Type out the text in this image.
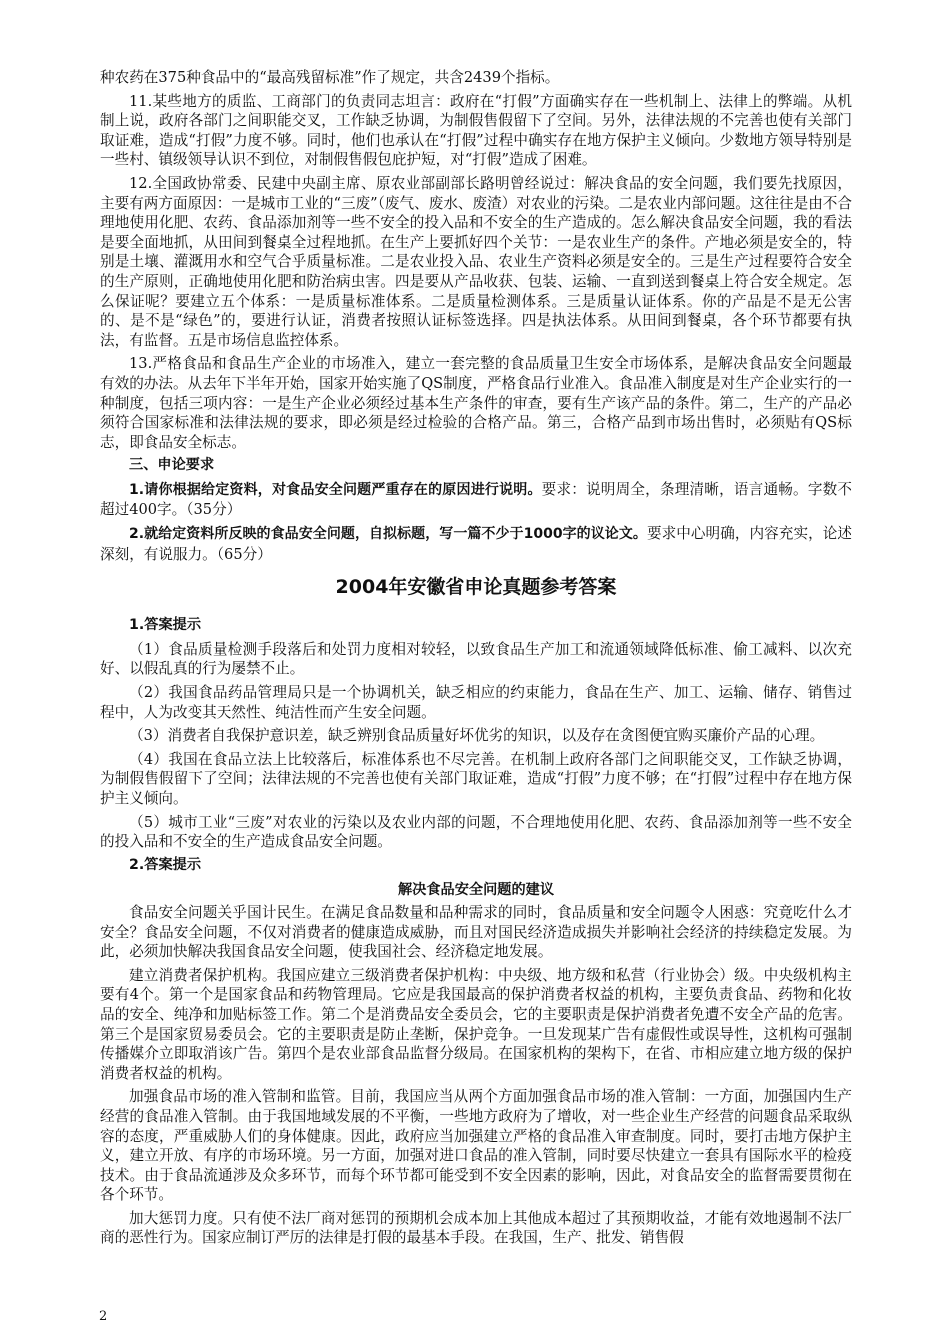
种农药在375种食品中的“最高残留标准”作了规定，共含2439个指标。

11.某些地方的质监、工商部门的负责同志坦言：政府在“打假”方面确实存在一些机制上、法律上的弊端。从机制上说，政府各部门之间职能交叉，工作缺乏协调，为制假售假留下了空间。另外，法律法规的不完善也使有关部门取证难，造成“打假”力度不够。同时，他们也承认在“打假”过程中确实存在地方保护主义倾向。少数地方领导特别是一些村、镇级领导认识不到位，对制假售假包庇护短，对“打假”造成了困难。

12.全国政协常委、民建中央副主席、原农业部副部长路明曾经说过：解决食品的安全问题，我们要先找原因，主要有两方面原因：一是城市工业的“三废”（废气、废水、废渣）对农业的污染。二是农业内部问题。这往往是由不合理地使用化肥、农药、食品添加剂等一些不安全的投入品和不安全的生产造成的。怎么解决食品安全问题，我的看法是要全面地抓，从田间到餐桌全过程地抓。在生产上要抓好四个关节：一是农业生产的条件。产地必须是安全的，特别是土壤、灌溉用水和空气合乎质量标准。二是农业投入品、农业生产资料必须是安全的。三是生产过程要符合安全的生产原则，正确地使用化肥和防治病虫害。四是要从产品收获、包装、运输、一直到送到餐桌上符合安全规定。怎么保证呢？要建立五个体系：一是质量标准体系。二是质量检测体系。三是质量认证体系。你的产品是不是无公害的、是不是“绿色”的，要进行认证，消费者按照认证标签选择。四是执法体系。从田间到餐桌，各个环节都要有执法，有监督。五是市场信息监控体系。

13.严格食品和食品生产企业的市场准入，建立一套完整的食品质量卫生安全市场体系，是解决食品安全问题最有效的办法。从去年下半年开始，国家开始实施了QS制度，严格食品行业准入。食品准入制度是对生产企业实行的一种制度，包括三项内容：一是生产企业必须经过基本生产条件的审查，要有生产该产品的条件。第二，生产的产品必须符合国家标准和法律法规的要求，即必须是经过检验的合格产品。第三，合格产品到市场出售时，必须贴有QS标志，即食品安全标志。

三、申论要求

1.请你根据给定资料，对食品安全问题严重存在的原因进行说明。要求：说明周全，条理清晰，语言通畅。字数不超过400字。（35分）

2.就给定资料所反映的食品安全问题，自拟标题，写一篇不少于1000字的议论文。要求中心明确，内容充实，论述深刻，有说服力。（65分）

2004年安徽省申论真题参考答案

1.答案提示

（1）食品质量检测手段落后和处罚力度相对较轻，以致食品生产加工和流通领域降低标准、偷工减料、以次充好、以假乱真的行为屡禁不止。

（2）我国食品药品管理局只是一个协调机关，缺乏相应的约束能力，食品在生产、加工、运输、储存、销售过程中，人为改变其天然性、纯洁性而产生安全问题。

（3）消费者自我保护意识差，缺乏辨别食品质量好坏优劣的知识，以及存在贪图便宜购买廉价产品的心理。

（4）我国在食品立法上比较落后，标准体系也不尽完善。在机制上政府各部门之间职能交叉，工作缺乏协调，为制假售假留下了空间；法律法规的不完善也使有关部门取证难，造成“打假”力度不够；在“打假”过程中存在地方保护主义倾向。

（5）城市工业“三废”对农业的污染以及农业内部的问题，不合理地使用化肥、农药、食品添加剂等一些不安全的投入品和不安全的生产造成食品安全问题。

2.答案提示

解决食品安全问题的建议

食品安全问题关乎国计民生。在满足食品数量和品种需求的同时，食品质量和安全问题令人困惑：究竟吃什么才安全？食品安全问题，不仅对消费者的健康造成威胁，而且对国民经济造成损失并影响社会经济的持续稳定发展。为此，必须加快解决我国食品安全问题，使我国社会、经济稳定地发展。

建立消费者保护机构。我国应建立三级消费者保护机构：中央级、地方级和私营（行业协会）级。中央级机构主要有4个。第一个是国家食品和药物管理局。它应是我国最高的保护消费者权益的机构，主要负责食品、药物和化妆品的安全、纯净和加贴标签工作。第二个是消费品安全委员会，它的主要职责是保护消费者免遭不安全产品的危害。第三个是国家贸易委员会。它的主要职责是防止垄断，保护竞争。一旦发现某广告有虚假性或误导性，这机构可强制传播媒介立即取消该广告。第四个是农业部食品监督分级局。在国家机构的架构下，在省、市相应建立地方级的保护消费者权益的机构。

加强食品市场的准入管制和监管。目前，我国应当从两个方面加强食品市场的准入管制：一方面，加强国内生产经营的食品准入管制。由于我国地域发展的不平衡，一些地方政府为了增收，对一些企业生产经营的问题食品采取纵容的态度，严重威胁人们的身体健康。因此，政府应当加强建立严格的食品准入审查制度。同时，要打击地方保护主义，建立开放、有序的市场环境。另一方面，加强对进口食品的准入管制，同时要尽快建立一套具有国际水平的检疫技术。由于食品流通涉及众多环节，而每个环节都可能受到不安全因素的影响，因此，对食品安全的监督需要贯彻在各个环节。

加大惩罚力度。只有使不法厂商对惩罚的预期机会成本加上其他成本超过了其预期收益，才能有效地遏制不法厂商的恶性行为。国家应制订严厉的法律是打假的最基本手段。在我国，生产、批发、销售假

2
